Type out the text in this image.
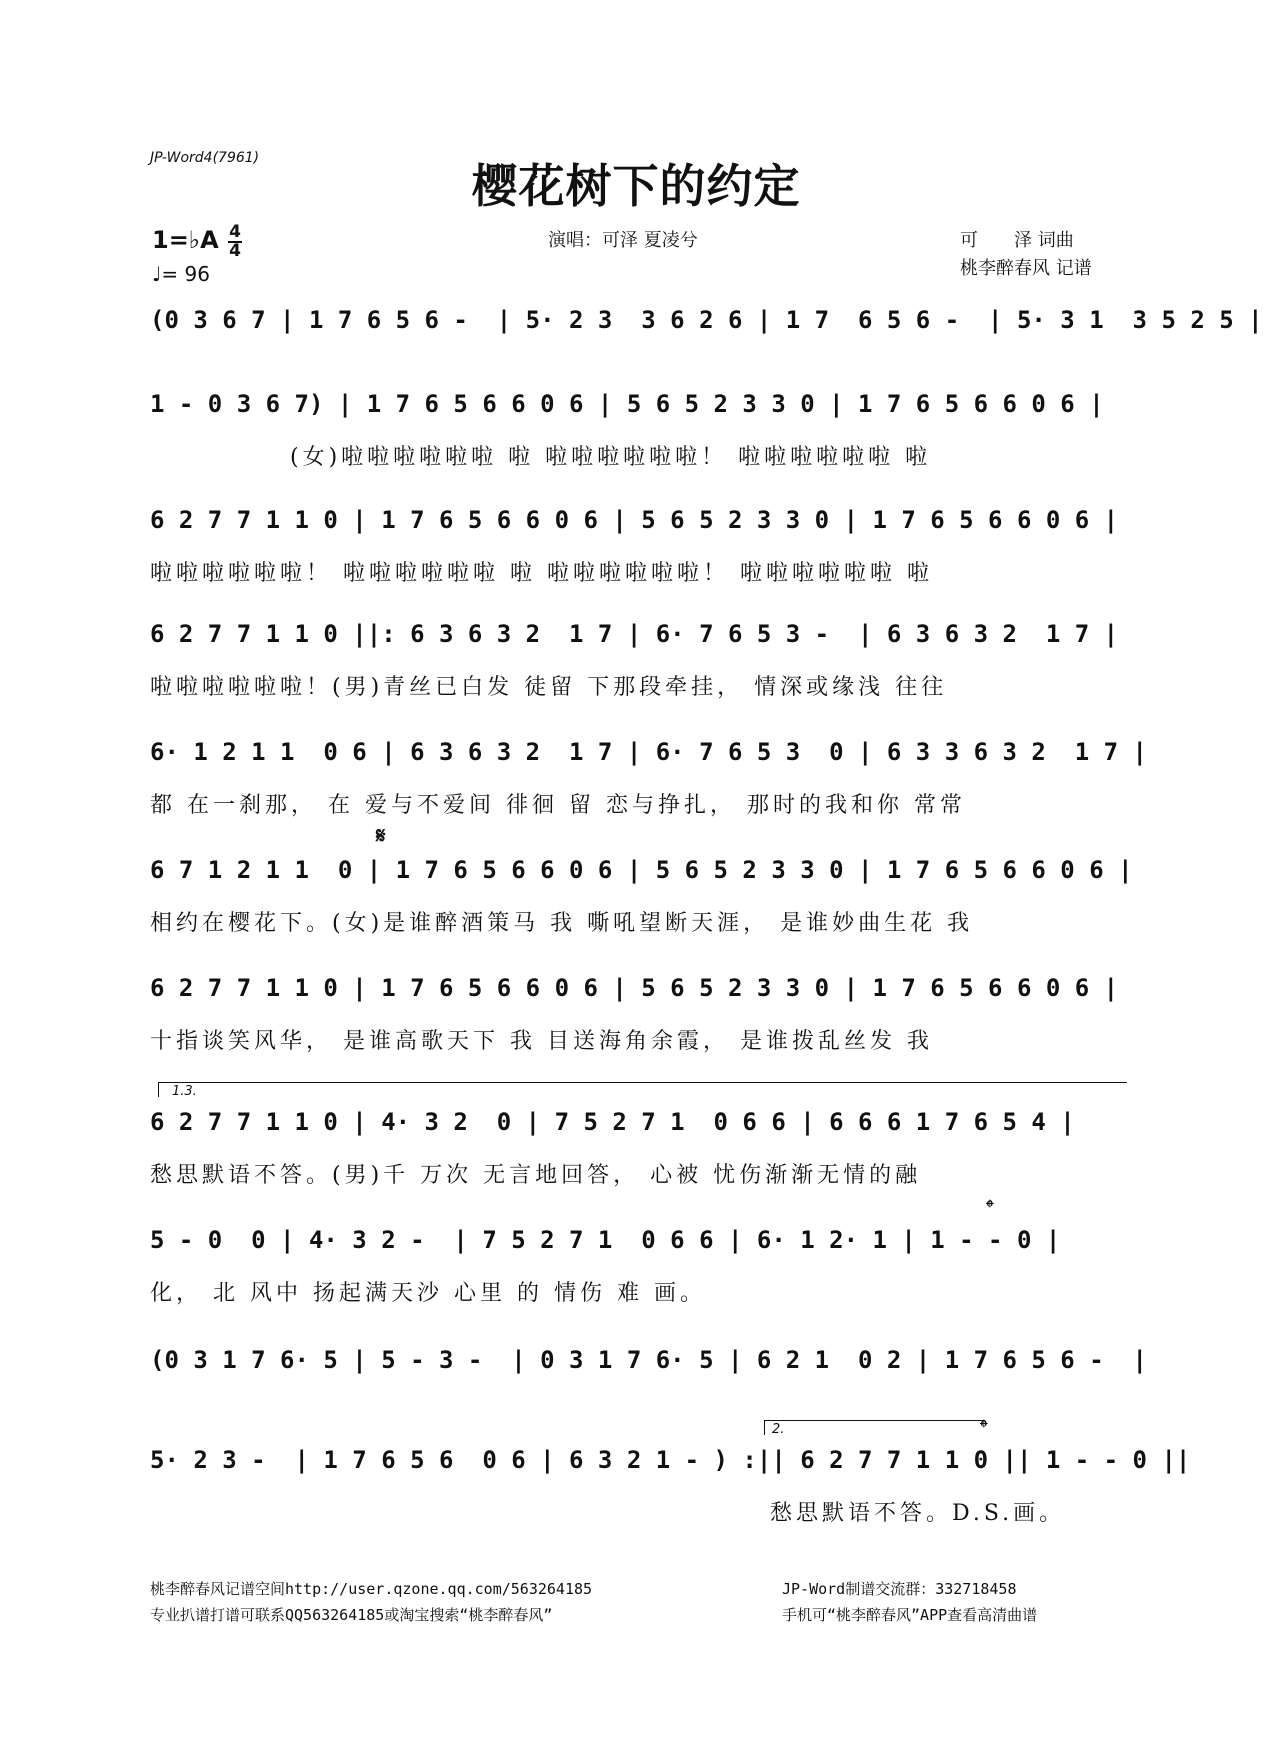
JP-Word4(7961)
樱花树下的约定
1=♭A 4
4
♩= 96
演唱：可泽 夏凌兮	可　　泽 词曲
桃李醉春风 记谱
(0 3 6 7 | 1 7 6 5 6 -  | 5· 2 3  3 6 2 6 | 1 7  6 5 6 -  | 5· 3 1  3 5 2 5 |
1 - 0 3 6 7) | 1 7 6 5 6 6 0 6 | 5 6 5 2 3 3 0 | 1 7 6 5 6 6 0 6 |
(女)啦啦啦啦啦啦 啦 啦啦啦啦啦啦！ 啦啦啦啦啦啦 啦
6 2 7 7 1 1 0 | 1 7 6 5 6 6 0 6 | 5 6 5 2 3 3 0 | 1 7 6 5 6 6 0 6 |
啦啦啦啦啦啦！ 啦啦啦啦啦啦 啦 啦啦啦啦啦啦！ 啦啦啦啦啦啦 啦
6 2 7 7 1 1 0 ||: 6 3 6 3 2  1 7 | 6· 7 6 5 3 -  | 6 3 6 3 2  1 7 |
啦啦啦啦啦啦！(男)青丝已白发 徒留 下那段牵挂， 情深或缘浅 往往
6· 1 2 1 1  0 6 | 6 3 6 3 2  1 7 | 6· 7 6 5 3  0 | 6 3 3 6 3 2  1 7 |
都 在一刹那， 在 爱与不爱间 徘徊 留 恋与挣扎， 那时的我和你 常常
𝄋
6 7 1 2 1 1  0 | 1 7 6 5 6 6 0 6 | 5 6 5 2 3 3 0 | 1 7 6 5 6 6 0 6 |
相约在樱花下。(女)是谁醉酒策马 我 嘶吼望断天涯， 是谁妙曲生花 我
6 2 7 7 1 1 0 | 1 7 6 5 6 6 0 6 | 5 6 5 2 3 3 0 | 1 7 6 5 6 6 0 6 |
十指谈笑风华， 是谁高歌天下 我 目送海角余霞， 是谁拨乱丝发 我
1.3.
6 2 7 7 1 1 0 | 4· 3 2  0 | 7 5 2 7 1  0 6 6 | 6 6 6 1 7 6 5 4 |
愁思默语不答。(男)千 万次 无言地回答， 心被 忧伤渐渐无情的融
𝄌
5 - 0  0 | 4· 3 2 -  | 7 5 2 7 1  0 6 6 | 6· 1 2· 1 | 1 - - 0 |
化， 北 风中 扬起满天沙 心里 的 情伤 难 画。
(0 3 1 7 6· 5 | 5 - 3 -  | 0 3 1 7 6· 5 | 6 2 1  0 2 | 1 7 6 5 6 -  |
2.	𝄌
5· 2 3 -  | 1 7 6 5 6  0 6 | 6 3 2 1 - ) :|| 6 2 7 7 1 1 0 || 1 - - 0 ||
愁思默语不答。D.S.画。
桃李醉春风记谱空间http://user.qzone.qq.com/563264185
专业扒谱打谱可联系QQ563264185或淘宝搜索“桃李醉春风”
JP-Word制谱交流群：332718458
手机可“桃李醉春风”APP查看高清曲谱
